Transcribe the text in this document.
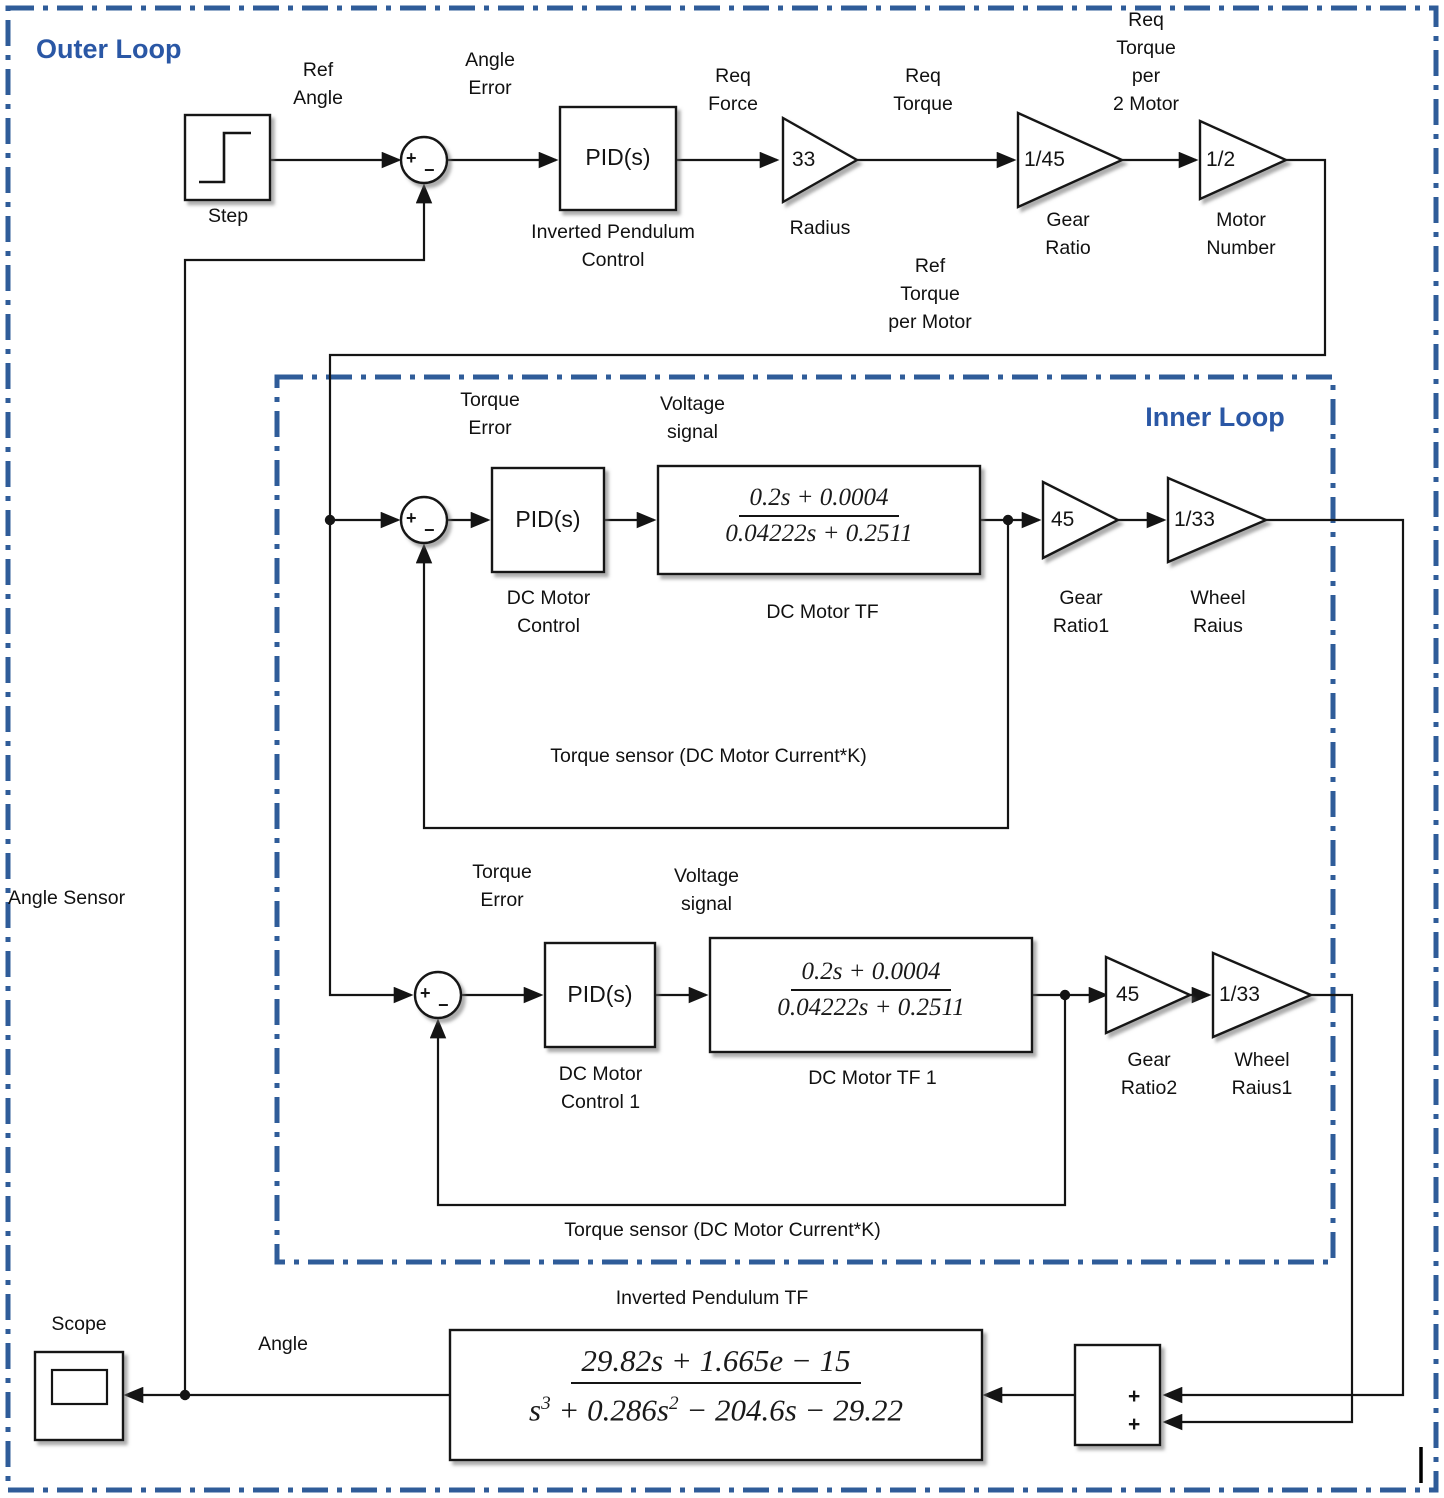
Outer Loop
Inner Loop
Ref
Angle
Angle
Error
Req
Force
Req
Torque
Req
Torque
per
2 Motor
Ref
Torque
per Motor
Step
PID(s)
Inverted Pendulum
Control
33
Radius
1/45
Gear
Ratio
1/2
Motor
Number
+
−
Torque
Error
Voltage
signal
+
−	PID(s)
DC Motor
Control
$\frac{0.2s + 0.0004}{0.04222s + 0.2511}$
DC Motor TF
45
Gear
Ratio1
1/33
Wheel
Raius
Torque sensor (DC Motor Current*K)
Torque
Error
Voltage
signal
+
−	PID(s)
DC Motor
Control 1
$\frac{0.2s + 0.0004}{0.04222s + 0.2511}$
DC Motor TF 1
45
Gear
Ratio2
1/33
Wheel
Raius1
Torque sensor (DC Motor Current*K)
Inverted Pendulum TF
$\frac{29.82s + 1.665e - 15}{s^3 + 0.286s^2 - 204.6s - 29.22}$	+
+
Angle
Scope
Angle Sensor
